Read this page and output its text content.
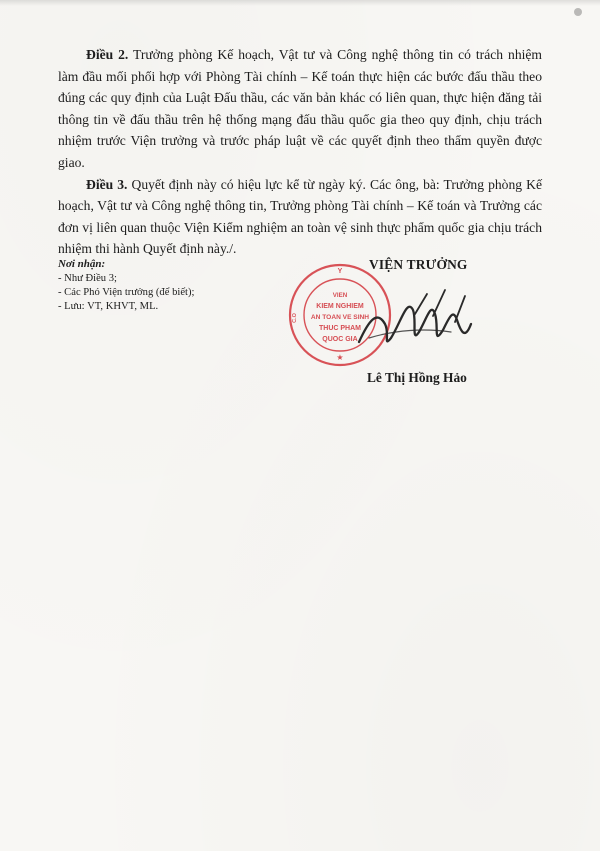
Điều 2. Trưởng phòng Kế hoạch, Vật tư và Công nghệ thông tin có trách nhiệm làm đầu mối phối hợp với Phòng Tài chính – Kế toán thực hiện các bước đấu thầu theo đúng các quy định của Luật Đấu thầu, các văn bản khác có liên quan, thực hiện đăng tải thông tin về đấu thầu trên hệ thống mạng đấu thầu quốc gia theo quy định, chịu trách nhiệm trước Viện trưởng và trước pháp luật về các quyết định theo thẩm quyền được giao.

Điều 3. Quyết định này có hiệu lực kể từ ngày ký. Các ông, bà: Trưởng phòng Kế hoạch, Vật tư và Công nghệ thông tin, Trưởng phòng Tài chính – Kế toán và Trưởng các đơn vị liên quan thuộc Viện Kiểm nghiệm an toàn vệ sinh thực phẩm quốc gia chịu trách nhiệm thi hành Quyết định này./.

Nơi nhận:
- Như Điều 3;
- Các Phó Viện trưởng (để biết);
- Lưu: VT, KHVT, ML.
Y
C.O
VIEN
KIEM NGHIEM
AN TOAN VE SINH
THUC PHAM
QUOC GIA
★
VIỆN TRƯỞNG
Lê Thị Hồng Hảo
